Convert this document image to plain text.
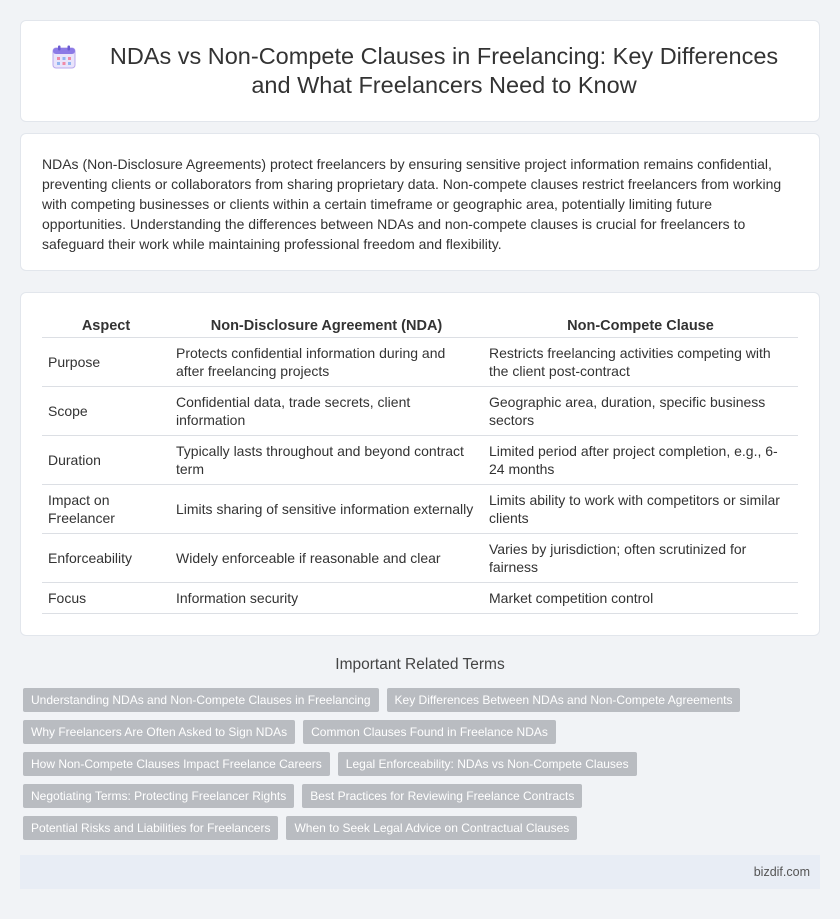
NDAs vs Non-Compete Clauses in Freelancing: Key Differences and What Freelancers Need to Know

NDAs (Non-Disclosure Agreements) protect freelancers by ensuring sensitive project information remains confidential, preventing clients or collaborators from sharing proprietary data. Non-compete clauses restrict freelancers from working with competing businesses or clients within a certain timeframe or geographic area, potentially limiting future opportunities. Understanding the differences between NDAs and non-compete clauses is crucial for freelancers to safeguard their work while maintaining professional freedom and flexibility.

Aspect	Non-Disclosure Agreement (NDA)	Non-Compete Clause
Purpose	Protects confidential information during and after freelancing projects	Restricts freelancing activities competing with the client post-contract
Scope	Confidential data, trade secrets, client information	Geographic area, duration, specific business sectors
Duration	Typically lasts throughout and beyond contract term	Limited period after project completion, e.g., 6-24 months
Impact on Freelancer	Limits sharing of sensitive information externally	Limits ability to work with competitors or similar clients
Enforceability	Widely enforceable if reasonable and clear	Varies by jurisdiction; often scrutinized for fairness
Focus	Information security	Market competition control
Important Related Terms
Understanding NDAs and Non-Compete Clauses in Freelancing	Key Differences Between NDAs and Non-Compete Agreements
Why Freelancers Are Often Asked to Sign NDAs	Common Clauses Found in Freelance NDAs
How Non-Compete Clauses Impact Freelance Careers	Legal Enforceability: NDAs vs Non-Compete Clauses
Negotiating Terms: Protecting Freelancer Rights	Best Practices for Reviewing Freelance Contracts
Potential Risks and Liabilities for Freelancers	When to Seek Legal Advice on Contractual Clauses
bizdif.com
